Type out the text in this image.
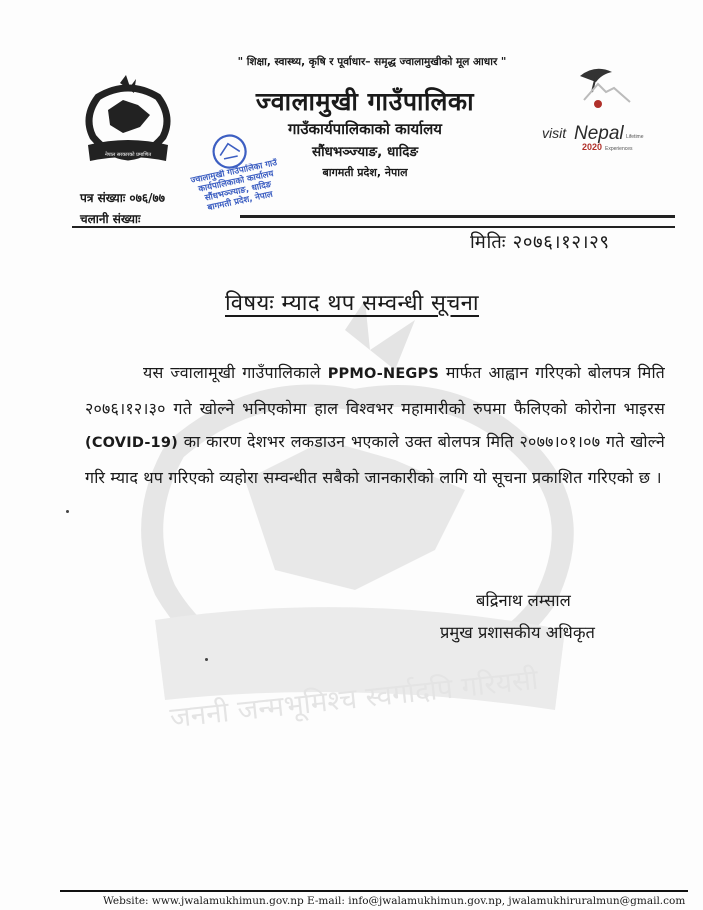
जननी जन्मभूमिश्च स्वर्गादपि गरियसी
नेपाल सरकारको प्रमाणित
" शिक्षा, स्वास्थ्य, कृषि र पूर्वाधार– समृद्ध ज्वालामुखीको मूल आधार "
ज्वालामुखी गाउँपालिका
गाउँकार्यपालिकाको कार्यालय
सौंधभञ्ज्याङ, धादिङ
बागमती प्रदेश, नेपाल
ज्वालामुखी गाउँपालिका गाउँ कार्यपालिकाको कार्यालय सौंधभञ्ज्याङ, धादिङ बागमती प्रदेश, नेपाल
visit Nepal
2020
Lifetime
Experiences
पत्र संख्याः ०७६/७७
चलानी संख्याः
मितिः २०७६।१२।२९
विषयः म्याद थप सम्वन्धी सूचना
यस ज्वालामूखी गाउँपालिकाले PPMO-NEGPS मार्फत आह्वान गरिएको बोलपत्र मिति २०७६।१२।३० गते खोल्ने भनिएकोमा हाल विश्वभर महामारीको रुपमा फैलिएको कोरोना भाइरस (COVID-19) का कारण देशभर लकडाउन भएकाले उक्त बोलपत्र मिति २०७७।०१।०७ गते खोल्ने गरि म्याद थप गरिएको व्यहोरा सम्वन्धीत सबैको जानकारीको लागि यो सूचना प्रकाशित गरिएको छ ।
बद्रिनाथ लम्साल
प्रमुख प्रशासकीय अधिकृत
Website: www.jwalamukhimun.gov.np E-mail: info@jwalamukhimun.gov.np, jwalamukhiruralmun@gmail.com
